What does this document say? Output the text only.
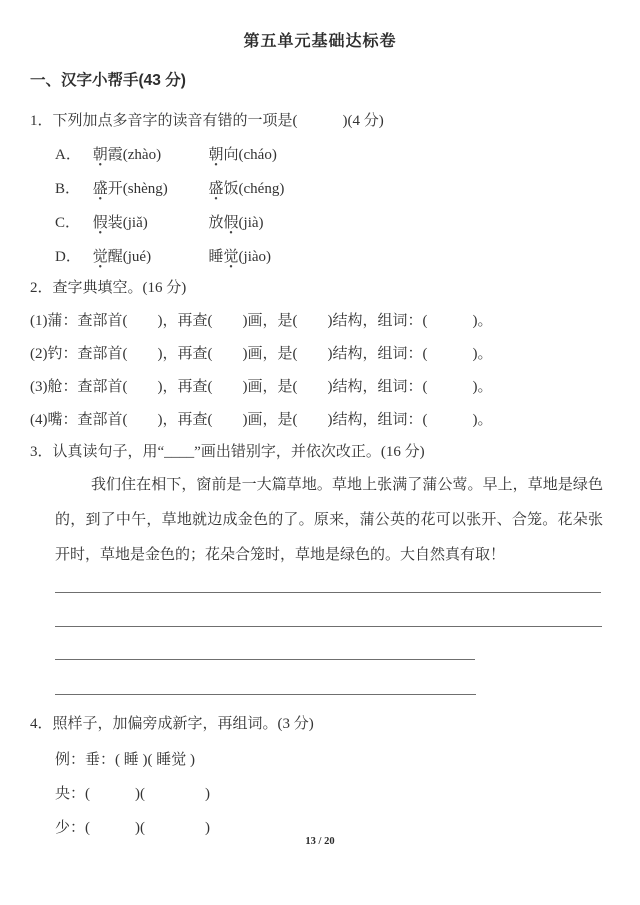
第五单元基础达标卷
一、汉字小帮手(43 分)
1．下列加点多音字的读音有错的一项是(　　　)(4 分)
A． 朝霞(zhào)	朝向(cháo)
B． 盛开(shèng)	盛饭(chéng)
C． 假装(jiǎ)	放假(jià)
D． 觉醒(jué)	睡觉(jiào)
2．查字典填空。(16 分)
(1)蒲：查部首(　　)，再查(　　)画，是(　　)结构，组词：(　　　)。
(2)钓：查部首(　　)，再查(　　)画，是(　　)结构，组词：(　　　)。
(3)舱：查部首(　　)，再查(　　)画，是(　　)结构，组词：(　　　)。
(4)嘴：查部首(　　)，再查(　　)画，是(　　)结构，组词：(　　　)。
3．认真读句子，用“____”画出错别字，并依次改正。(16 分)
我们住在相下，窗前是一大篇草地。草地上张满了蒲公莺。早上，草地是绿色的，到了中午，草地就边成金色的了。原来，蒲公英的花可以张开、合笼。花朵张开时，草地是金色的；花朵合笼时，草地是绿色的。大自然真有取！
4．照样子，加偏旁成新字，再组词。(3 分)
例：垂：( 睡 )( 睡觉 )
央：(　　　)(　　　　)
少：(　　　)(　　　　)
13 / 20
